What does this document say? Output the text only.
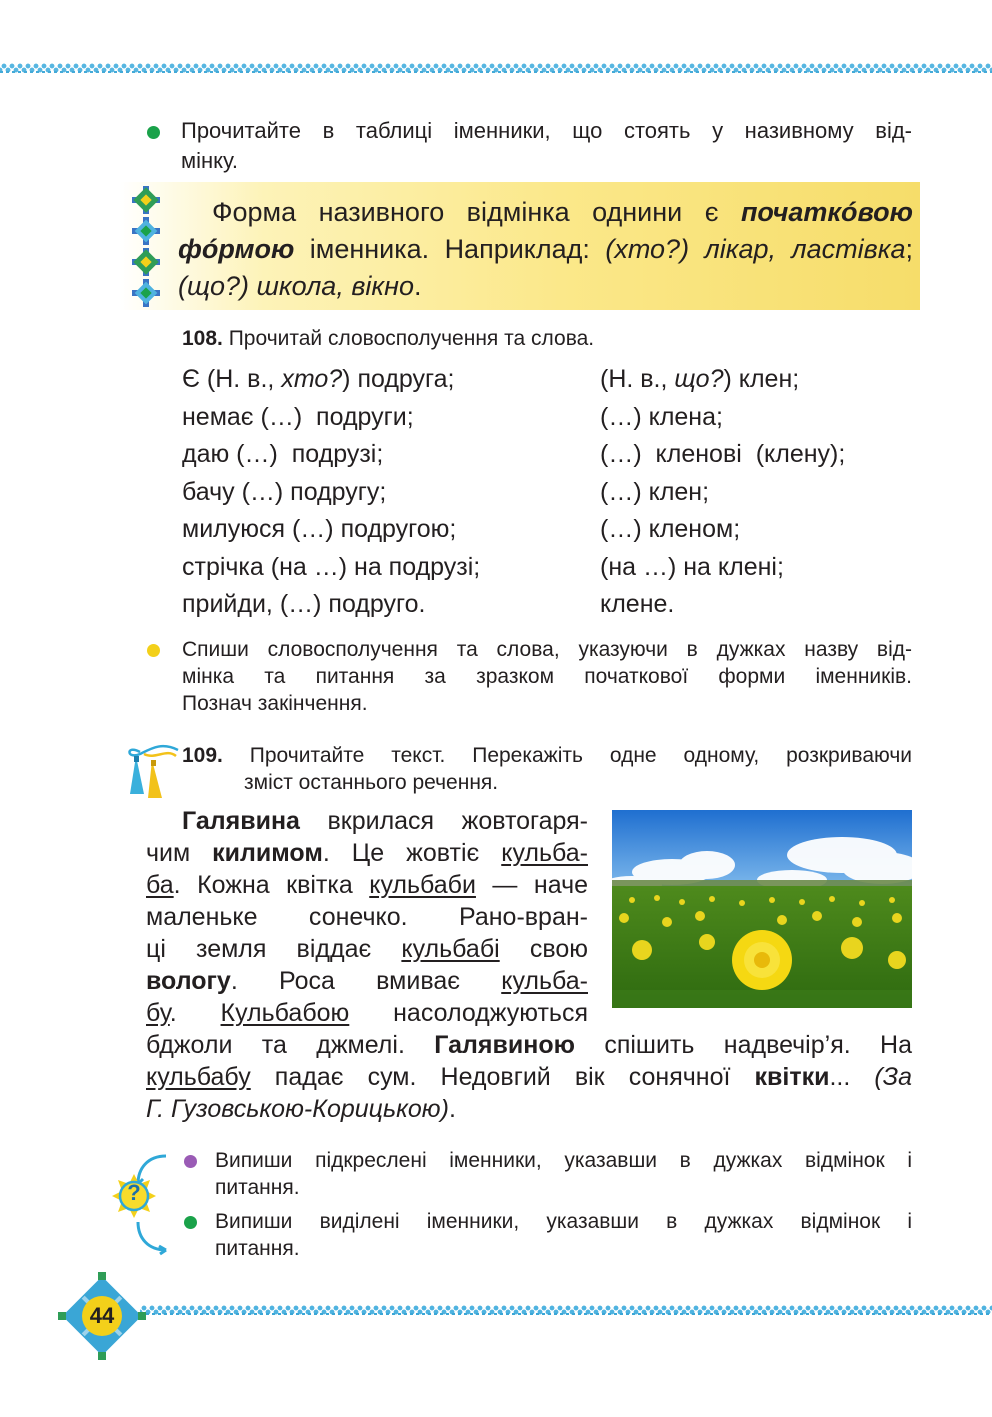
Прочитайте в таблиці іменники, що стоять у називному від-
мінку.
Форма називного відмінка однини є початкóвою фóрмою іменника. Наприклад: (хто?) лікар, ластівка; (що?) школа, вікно.
108. Прочитай словосполучення та слова.
Є (Н. в., хто?) подруга;
немає (…)  подруги;
даю (…)  подрузі;
бачу (…) подругу;
милуюся (…) подругою;
стрічка (на …) на подрузі;
прийди, (…) подруго.
(Н. в., що?) клен;
(…) клена;
(…)  кленові  (клену);
(…) клен;
(…) кленом;
(на …) на клені;
клене.
Спиши словосполучення та слова, указуючи в дужках назву від-
мінка та питання за зразком початкової форми іменників.
Познач закінчення.
109. Прочитайте текст. Перекажіть одне одному, розкриваючи
зміст останнього речення.
Галявина вкрилася жовтогаря-
чим килимом. Це жовтіє кульба-
ба. Кожна квітка кульбаби — наче
маленьке сонечко. Рано-вран-
ці земля віддає кульбабі свою
вологу. Роса вмиває кульба-
бу. Кульбабою насолоджуються
бджоли та джмелі. Галявиною спішить надвечір’я. На
кульбабу падає сум. Недовгий вік сонячної квітки... (За
Г. Гузовською-Корицькою).
?
Випиши підкреслені іменники, указавши в дужках відмінок і
питання.
Випиши виділені іменники, указавши в дужках відмінок і
питання.
44
